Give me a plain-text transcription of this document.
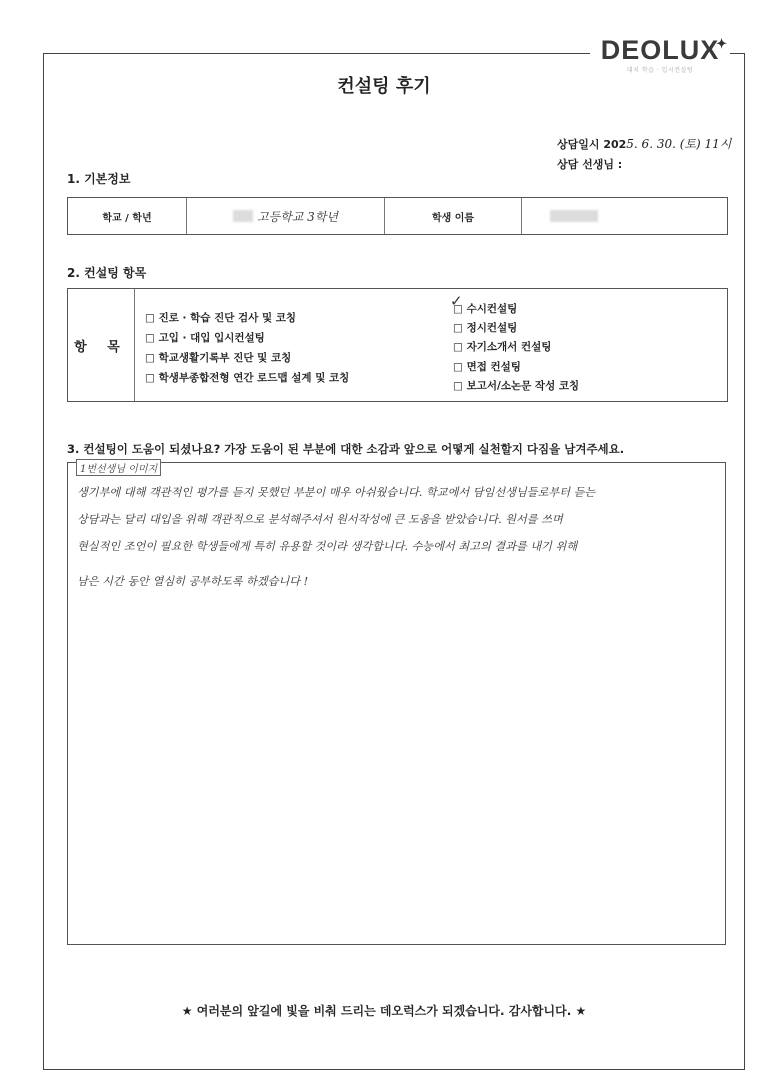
DEOLUX
✦
대치 학습 · 입시컨설팅
컨설팅 후기
상담일시 2025. 6. 30. (토) 11시
상담 선생님 :
1. 기본정보
학교 / 학년	고등학교 3학년	학생 이름
2. 컨설팅 항목
항 목
□ 진로 · 학습 진단 검사 및 코칭
□ 고입 · 대입 입시컨설팅
□ 학교생활기록부 진단 및 코칭
□ 학생부종합전형 연간 로드맵 설계 및 코칭
✓
□ 수시컨설팅
□ 정시컨설팅
□ 자기소개서 컨설팅
□ 면접 컨설팅
□ 보고서/소논문 작성 코칭
3. 컨설팅이 도움이 되셨나요? 가장 도움이 된 부분에 대한 소감과 앞으로 어떻게 실천할지 다짐을 남겨주세요.
1번선생님 이미지
생기부에 대해 객관적인 평가를 듣지 못했던 부분이 매우 아쉬웠습니다. 학교에서 담임선생님들로부터 듣는
상담과는 달리 대입을 위해 객관적으로 분석해주셔서 원서작성에 큰 도움을 받았습니다. 원서를 쓰며
현실적인 조언이 필요한 학생들에게 특히 유용할 것이라 생각합니다. 수능에서 최고의 결과를 내기 위해
남은 시간 동안 열심히 공부하도록 하겠습니다 !
★ 여러분의 앞길에 빛을 비춰 드리는 데오럭스가 되겠습니다. 감사합니다. ★
